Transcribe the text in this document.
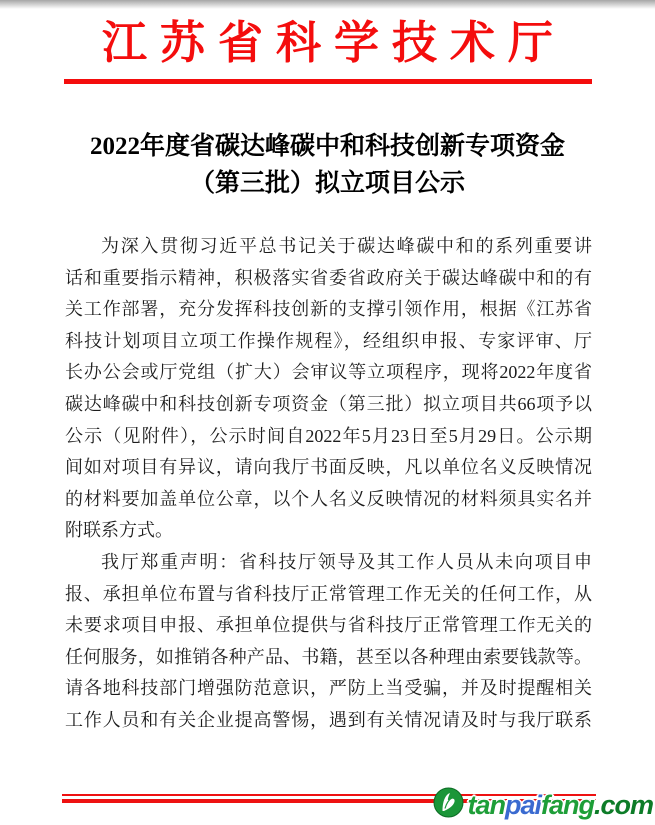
江苏省科学技术厅
2022年度省碳达峰碳中和科技创新专项资金
（第三批）拟立项目公示
为深入贯彻习近平总书记关于碳达峰碳中和的系列重要讲
话和重要指示精神，积极落实省委省政府关于碳达峰碳中和的有
关工作部署，充分发挥科技创新的支撑引领作用，根据《江苏省
科技计划项目立项工作操作规程》，经组织申报、专家评审、厅
长办公会或厅党组（扩大）会审议等立项程序，现将2022年度省
碳达峰碳中和科技创新专项资金（第三批）拟立项目共66项予以
公示（见附件），公示时间自2022年5月23日至5月29日。公示期
间如对项目有异议，请向我厅书面反映，凡以单位名义反映情况
的材料要加盖单位公章，以个人名义反映情况的材料须具实名并
附联系方式。
我厅郑重声明：省科技厅领导及其工作人员从未向项目申
报、承担单位布置与省科技厅正常管理工作无关的任何工作，从
未要求项目申报、承担单位提供与省科技厅正常管理工作无关的
任何服务，如推销各种产品、书籍，甚至以各种理由索要钱款等。
请各地科技部门增强防范意识，严防上当受骗，并及时提醒相关
工作人员和有关企业提高警惕，遇到有关情况请及时与我厅联系
tanpaifang.com
